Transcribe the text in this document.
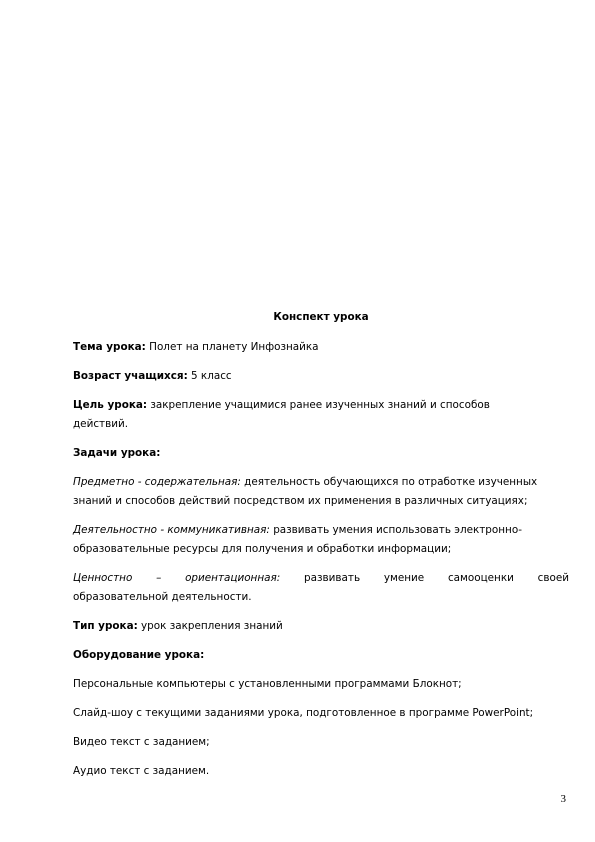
Конспект урока
Тема урока: Полет на планету Инфознайка
Возраст учащихся: 5 класс
Цель урока: закрепление учащимися ранее изученных знаний и способов
действий.
Задачи урока:
Предметно - содержательная: деятельность обучающихся по отработке изученных
знаний и способов действий посредством их применения в различных ситуациях;
Деятельностно - коммуникативная: развивать умения использовать электронно-
образовательные ресурсы для получения и обработки информации;
Ценностно – ориентационная: развивать умение самооценки своей
образовательной деятельности.
Тип урока: урок закрепления знаний
Оборудование урока:
Персональные компьютеры с установленными программами Блокнот;
Слайд-шоу с текущими заданиями урока, подготовленное в программе PowerPoint;
Видео текст с заданием;
Аудио текст с заданием.
3
